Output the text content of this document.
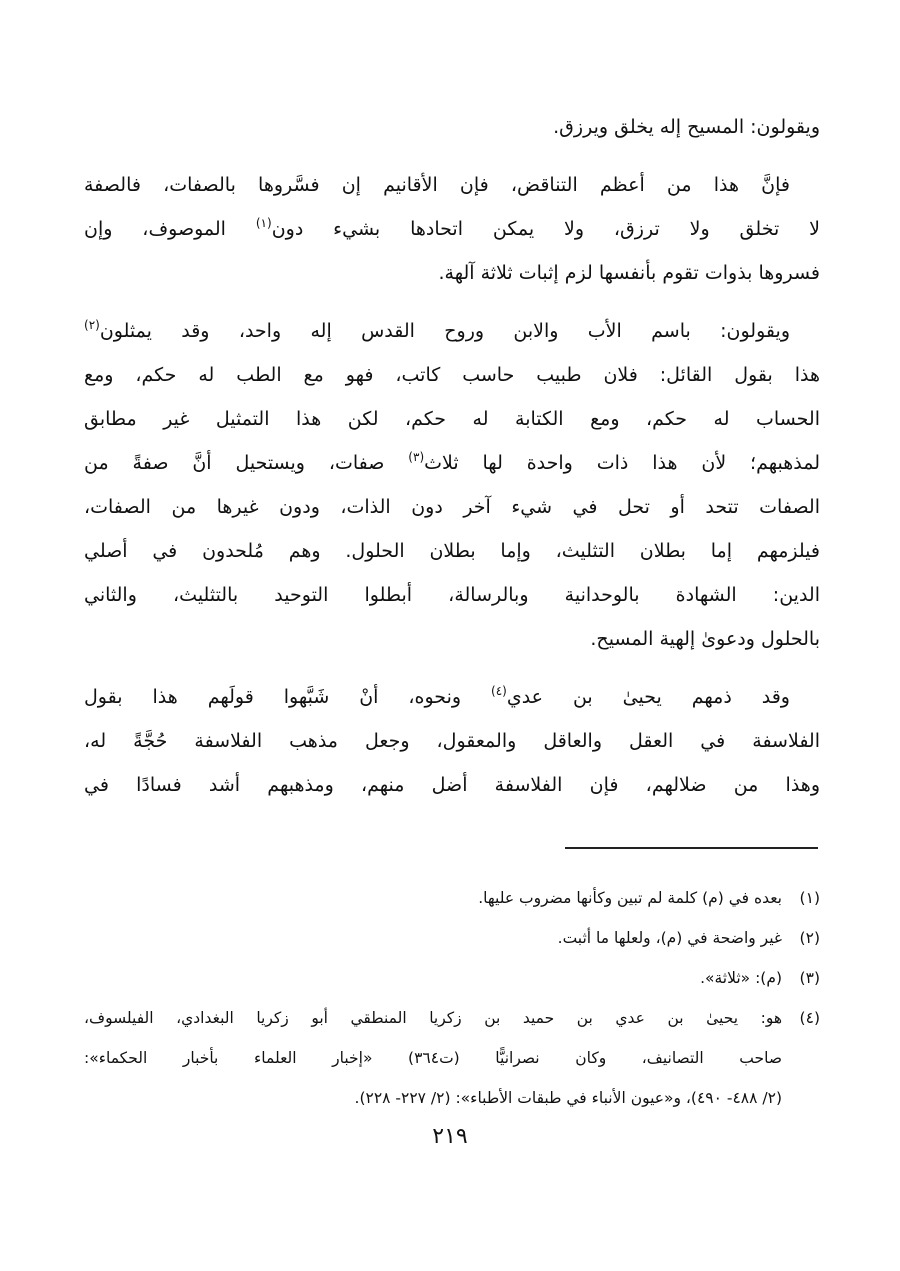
ويقولون: المسيح إله يخلق ويرزق.
فإنَّ هذا من أعظم التناقض، فإن الأقانيم إن فسَّروها بالصفات، فالصفة
لا تخلق ولا ترزق، ولا يمكن اتحادها بشيء دون$^{(١)}$ الموصوف، وإن
فسروها بذوات تقوم بأنفسها لزم إثبات ثلاثة آلهة.
ويقولون: باسم الأب والابن وروح القدس إله واحد، وقد يمثلون$^{(٢)}$
هذا بقول القائل: فلان طبيب حاسب كاتب، فهو مع الطب له حكم، ومع
الحساب له حكم، ومع الكتابة له حكم، لكن هذا التمثيل غير مطابق
لمذهبهم؛ لأن هذا ذات واحدة لها ثلاث$^{(٣)}$ صفات، ويستحيل أنَّ صفةً من
الصفات تتحد أو تحل في شيء آخر دون الذات، ودون غيرها من الصفات،
فيلزمهم إما بطلان التثليث، وإما بطلان الحلول. وهم مُلحدون في أصلي
الدين: الشهادة بالوحدانية وبالرسالة، أبطلوا التوحيد بالتثليث، والثاني
بالحلول ودعوىٰ إلهية المسيح.
وقد ذمهم يحيىٰ بن عدي$^{(٤)}$ ونحوه، أنْ شَبَّهوا قولَهم هذا بقول
الفلاسفة في العقل والعاقل والمعقول، وجعل مذهب الفلاسفة حُجَّةً له،
وهذا من ضلالهم، فإن الفلاسفة أضل منهم، ومذهبهم أشد فسادًا في
(١)
بعده في (م) كلمة لم تبين وكأنها مضروب عليها.
(٢)
غير واضحة في (م)، ولعلها ما أثبت.
(٣)
(م): «ثلاثة».
(٤)
هو: يحيىٰ بن عدي بن حميد بن زكريا المنطقي أبو زكريا البغدادي، الفيلسوف،
صاحب التصانيف، وكان نصرانيًّا (ت٣٦٤) «إخبار العلماء بأخبار الحكماء»:
(٢/ ٤٨٨- ٤٩٠)، و«عيون الأنباء في طبقات الأطباء»: (٢/ ٢٢٧- ٢٢٨).
٢١٩
